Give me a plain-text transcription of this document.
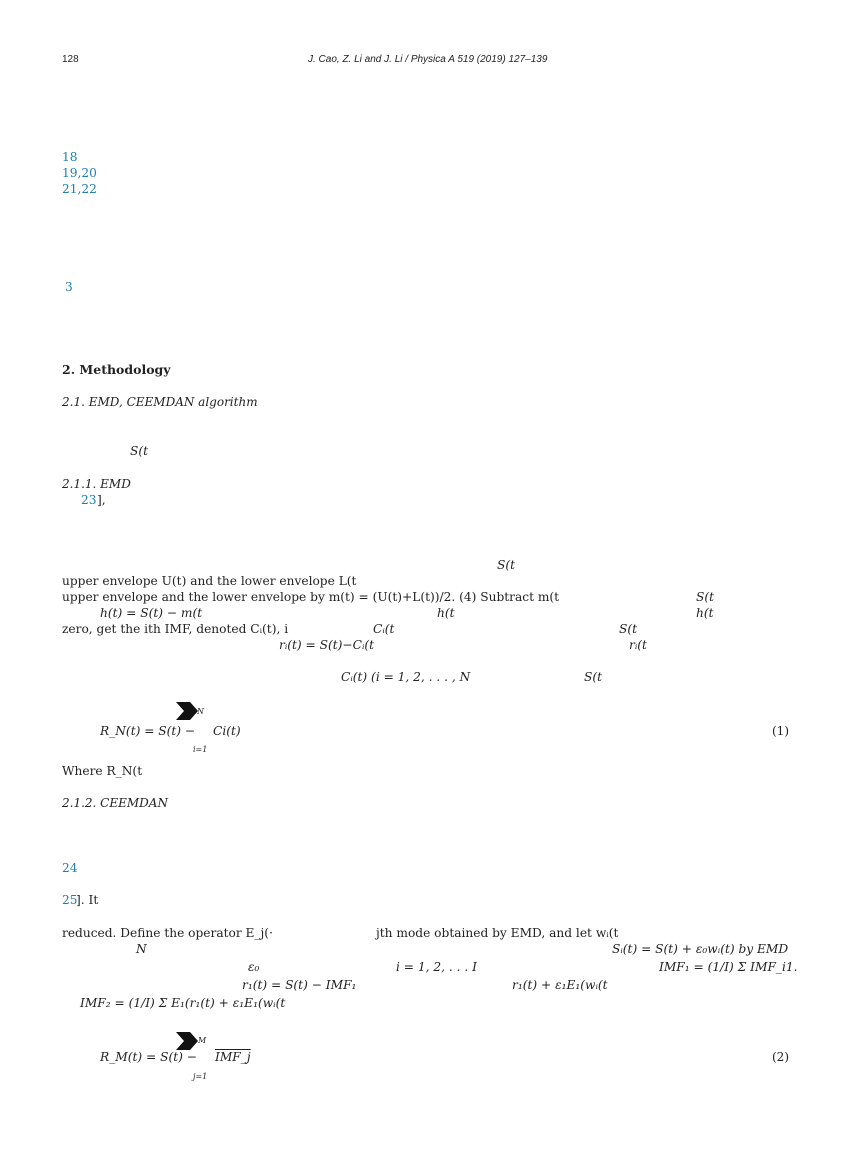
128	J. Cao, Z. Li and J. Li / Physica A 519 (2019) 127–139
18
19,20
21,22
3
2. Methodology
2.1. EMD, CEEMDAN algorithm
S(t
2.1.1. EMD
23 ],
S(t
upper envelope U(t) and the lower envelope L(t
upper envelope and the lower envelope by m(t) = (U(t)+L(t))/2. (4) Subtract m(t	S(t
h(t) = S(t) − m(t	h(t	h(t
zero, get the ith IMF, denoted Cᵢ(t), i	Cᵢ(t	S(t
rᵢ(t) = S(t)−Cᵢ(t	rᵢ(t
Cᵢ(t) (i = 1, 2, . . . , N	S(t
N
R_N(t) = S(t) − Ci(t)
i=1
(1)
Where R_N(t
2.1.2. CEEMDAN
24
25
]. It
reduced. Define the operator E_j(·	jth mode obtained by EMD, and let wᵢ(t
N	Sᵢ(t) = S(t) + ε₀wᵢ(t) by EMD
ε₀	i = 1, 2, . . . I	IMF₁ = (1/I) Σ IMF_i1.
r₁(t) = S(t) − IMF₁	r₁(t) + ε₁E₁(wᵢ(t
IMF₂ = (1/I) Σ E₁(r₁(t) + ε₁E₁(wᵢ(t
M
R_M(t) = S(t) − IMF_j
j=1
(2)
